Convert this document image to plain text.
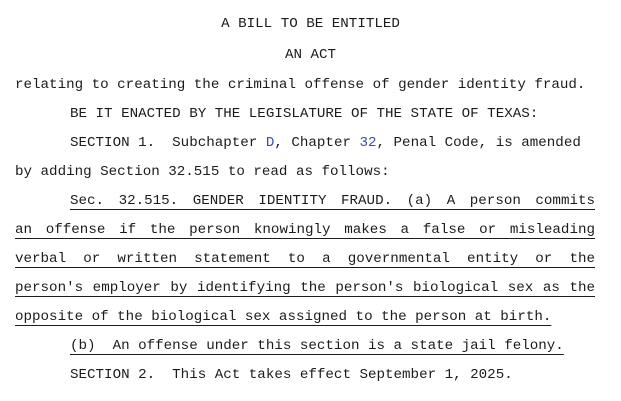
A BILL TO BE ENTITLED
AN ACT
relating to creating the criminal offense of gender identity fraud.
BE IT ENACTED BY THE LEGISLATURE OF THE STATE OF TEXAS:
SECTION 1.  Subchapter D, Chapter 32, Penal Code, is amended
by adding Section 32.515 to read as follows:
Sec. 32.515. GENDER IDENTITY FRAUD. (a) A person commits
an offense if the person knowingly makes a false or misleading
verbal or written statement to a governmental entity or the
person's employer by identifying the person's biological sex as the
opposite of the biological sex assigned to the person at birth.
(b)  An offense under this section is a state jail felony.
SECTION 2.  This Act takes effect September 1, 2025.
